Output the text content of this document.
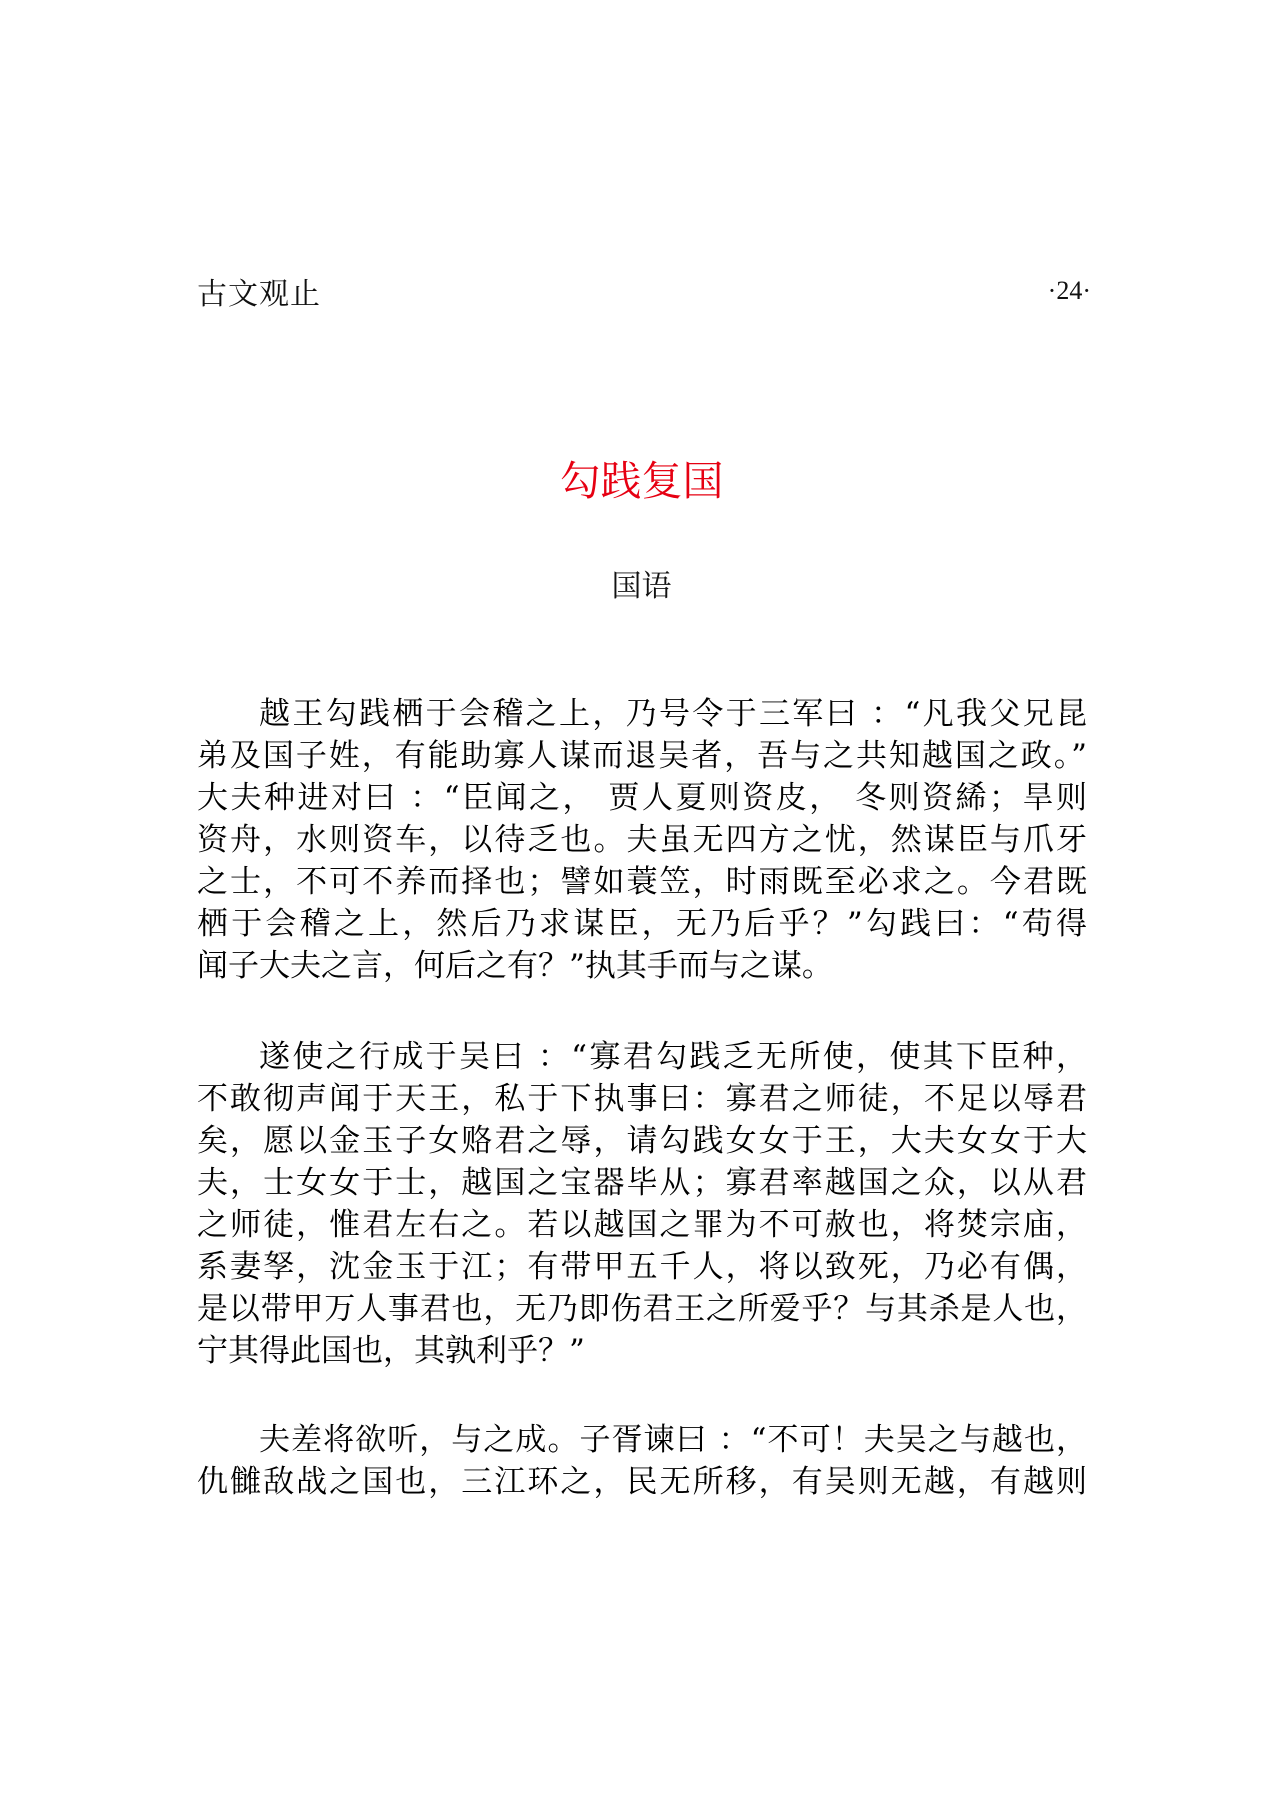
古文观止	·24·
勾践复国
国语
越王勾践栖于会稽之上，乃号令于三军曰 ：“凡我父兄昆
弟及国子姓，有能助寡人谋而退吴者，吾与之共知越国之政。”
大夫种进对曰 ：“臣闻之， 贾人夏则资皮， 冬则资絺；旱则
资舟，水则资车，以待乏也。夫虽无四方之忧，然谋臣与爪牙
之士，不可不养而择也；譬如蓑笠，时雨既至必求之。今君既
栖于会稽之上，然后乃求谋臣，无乃后乎？”勾践曰：“苟得
闻子大夫之言，何后之有？”执其手而与之谋。
遂使之行成于吴曰 ：“寡君勾践乏无所使，使其下臣种，
不敢彻声闻于天王，私于下执事曰：寡君之师徒，不足以辱君
矣，愿以金玉子女赂君之辱，请勾践女女于王，大夫女女于大
夫，士女女于士，越国之宝器毕从；寡君率越国之众，以从君
之师徒，惟君左右之。若以越国之罪为不可赦也，将焚宗庙，
系妻孥，沈金玉于江；有带甲五千人，将以致死，乃必有偶，
是以带甲万人事君也，无乃即伤君王之所爱乎？与其杀是人也，
宁其得此国也，其孰利乎？”
夫差将欲听，与之成。子胥谏曰 ：“不可！夫吴之与越也，
仇雠敌战之国也，三江环之，民无所移，有吴则无越，有越则
